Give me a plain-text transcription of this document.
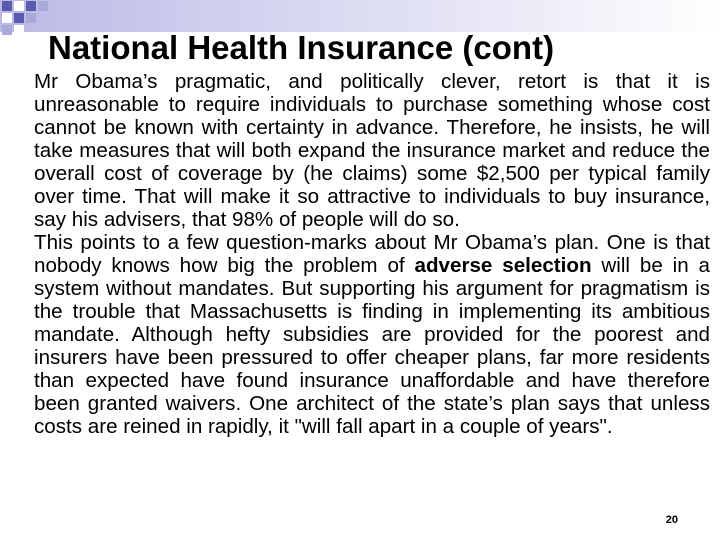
National Health Insurance (cont)

Mr Obama’s pragmatic, and politically clever, retort is that it is unreasonable to require individuals to purchase something whose cost cannot be known with certainty in advance. Therefore, he insists, he will take measures that will both expand the insurance market and reduce the overall cost of coverage by (he claims) some $2,500 per typical family over time. That will make it so attractive to individuals to buy insurance, say his advisers, that 98% of people will do so.

This points to a few question-marks about Mr Obama’s plan. One is that nobody knows how big the problem of adverse selection will be in a system without mandates. But supporting his argument for pragmatism is the trouble that Massachusetts is finding in implementing its ambitious mandate. Although hefty subsidies are provided for the poorest and insurers have been pressured to offer cheaper plans, far more residents than expected have found insurance unaffordable and have therefore been granted waivers. One architect of the state’s plan says that unless costs are reined in rapidly, it "will fall apart in a couple of years".

20
